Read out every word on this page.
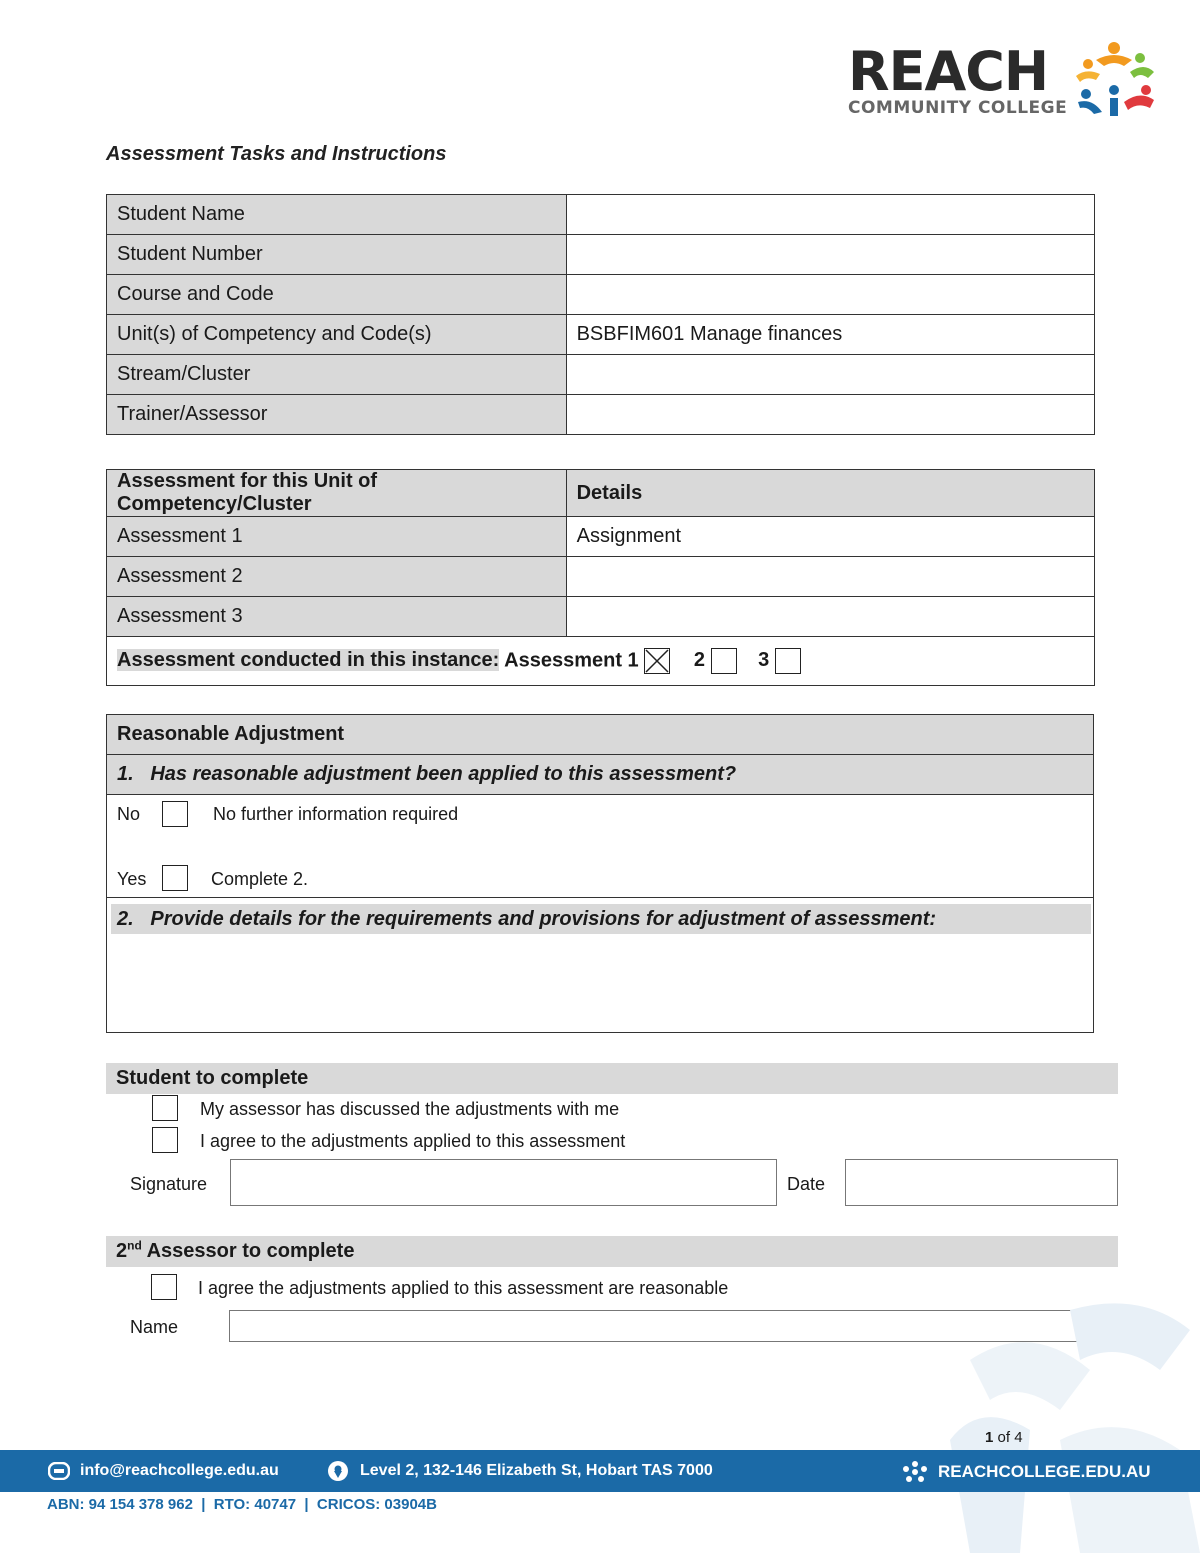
REACH
COMMUNITY COLLEGE
Assessment Tasks and Instructions
Student Name	
Student Number	
Course and Code	
Unit(s) of Competency and Code(s)	BSBFIM601 Manage finances
Stream/Cluster	
Trainer/Assessor	
Assessment for this Unit of Competency/Cluster	Details
Assessment 1	Assignment
Assessment 2	
Assessment 3	
Assessment conducted in this instance: Assessment 1 2 3	
Reasonable Adjustment
1.   Has reasonable adjustment been applied to this assessment?
No	No further information required
Yes	Complete 2.
2.   Provide details for the requirements and provisions for adjustment of assessment:
Student to complete
My assessor has discussed the adjustments with me
I agree to the adjustments applied to this assessment
Signature	Date
2nd Assessor to complete
I agree the adjustments applied to this assessment are reasonable
Name
1 of 4
info@reachcollege.edu.au	Level 2, 132-146 Elizabeth St, Hobart TAS 7000	REACHCOLLEGE.EDU.AU
ABN: 94 154 378 962  |  RTO: 40747  |  CRICOS: 03904B
